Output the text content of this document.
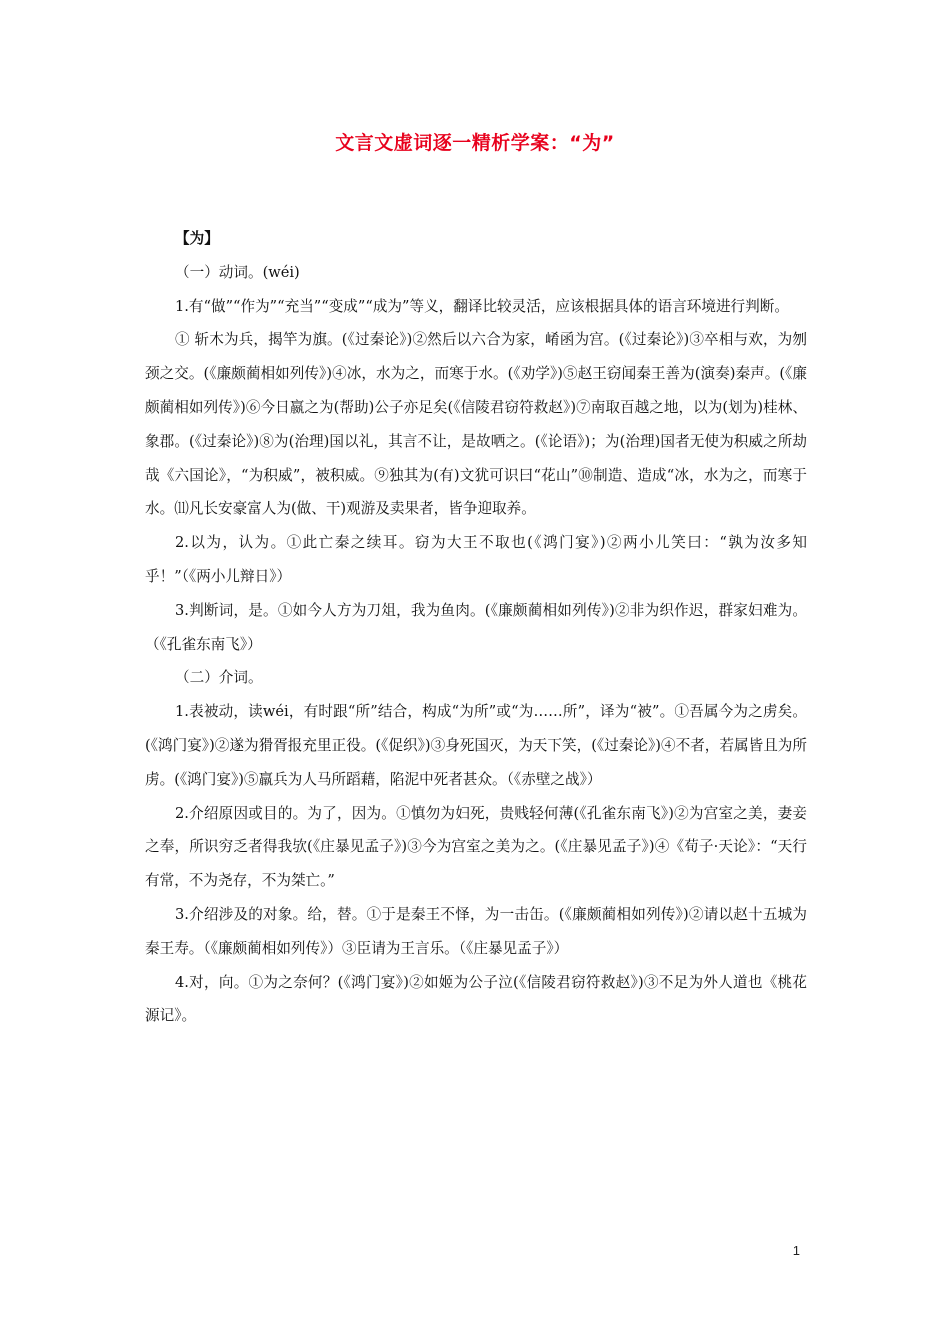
文言文虚词逐一精析学案：“为”

【为】

（一）动词。(wéi)

1.有“做”“作为”“充当”“变成”“成为”等义，翻译比较灵活，应该根据具体的语言环境进行判断。

① 斩木为兵，揭竿为旗。(《过秦论》)②然后以六合为家，崤函为宫。(《过秦论》)③卒相与欢，为刎颈之交。(《廉颇蔺相如列传》)④冰，水为之，而寒于水。(《劝学》)⑤赵王窃闻秦王善为(演奏)秦声。(《廉颇蔺相如列传》)⑥今日嬴之为(帮助)公子亦足矣(《信陵君窃符救赵》)⑦南取百越之地，以为(划为)桂林、象郡。(《过秦论》)⑧为(治理)国以礼，其言不让，是故哂之。(《论语》)；为(治理)国者无使为积威之所劫哉《六国论》，“为积威”，被积威。⑨独其为(有)文犹可识曰“花山”⑩制造、造成“冰，水为之，而寒于水。⑾凡长安豪富人为(做、干)观游及卖果者，皆争迎取养。

2.以为，认为。①此亡秦之续耳。窃为大王不取也(《鸿门宴》)②两小儿笑曰：“孰为汝多知乎！”（《两小儿辩日》）

3.判断词，是。①如今人方为刀俎，我为鱼肉。(《廉颇蔺相如列传》)②非为织作迟，群家妇难为。（《孔雀东南飞》）

（二）介词。

1.表被动，读wéi，有时跟“所”结合，构成“为所”或“为……所”，译为“被”。①吾属今为之虏矣。(《鸿门宴》)②遂为猾胥报充里正役。(《促织》)③身死国灭，为天下笑，(《过秦论》)④不者，若属皆且为所虏。(《鸿门宴》)⑤羸兵为人马所蹈藉，陷泥中死者甚众。（《赤壁之战》）

2.介绍原因或目的。为了，因为。①慎勿为妇死，贵贱轻何薄(《孔雀东南飞》)②为宫室之美，妻妾之奉，所识穷乏者得我欤(《庄暴见孟子》)③今为宫室之美为之。(《庄暴见孟子》)④《荀子·天论》：“天行有常，不为尧存，不为桀亡。”

3.介绍涉及的对象。给，替。①于是秦王不怿，为一击缶。(《廉颇蔺相如列传》)②请以赵十五城为秦王寿。（《廉颇蔺相如列传》）③臣请为王言乐。（《庄暴见孟子》）

4.对，向。①为之奈何？(《鸿门宴》)②如姬为公子泣(《信陵君窃符救赵》)③不足为外人道也《桃花源记》。

1
